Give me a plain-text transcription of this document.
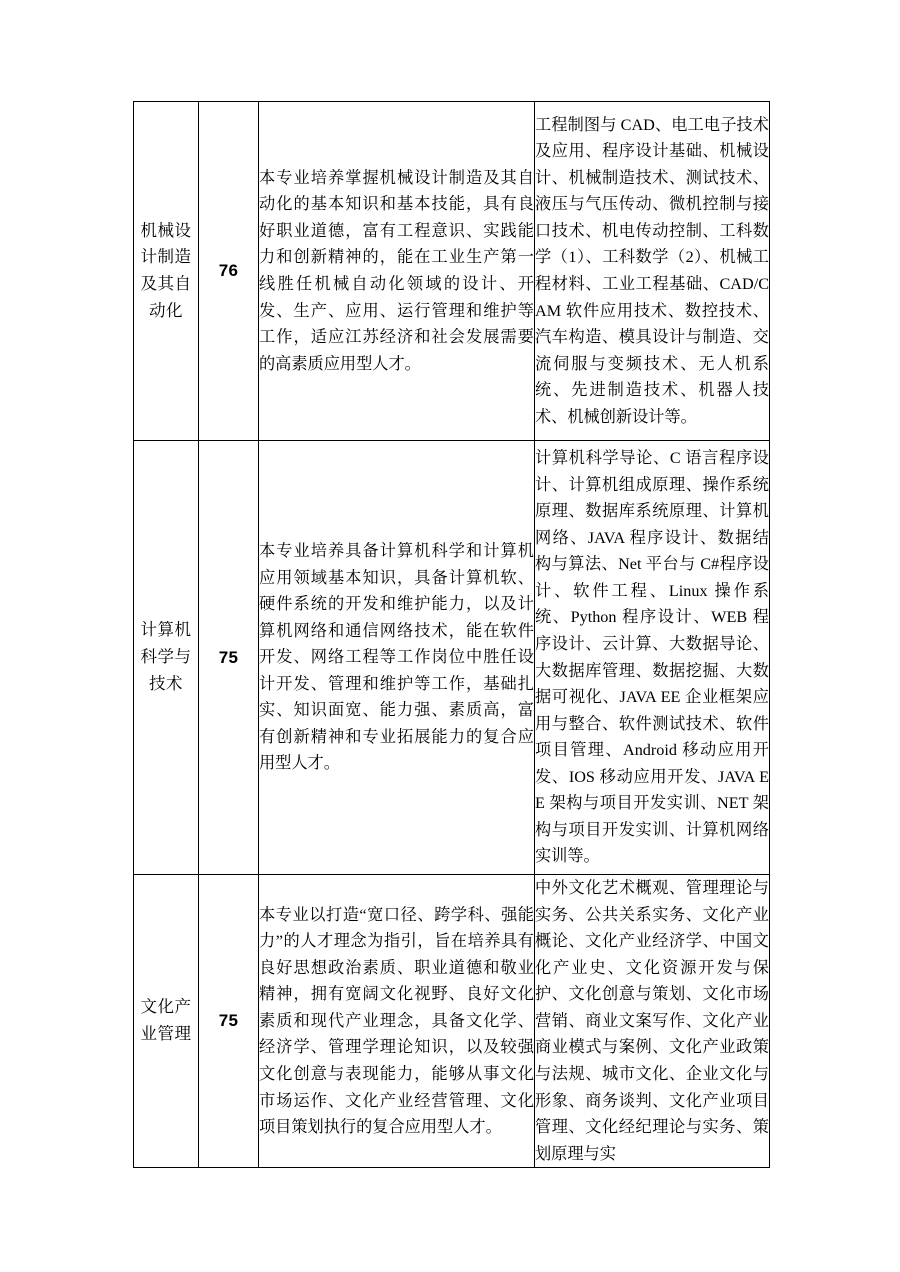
机械设计制造及其自动化	76	本专业培养掌握机械设计制造及其自动化的基本知识和基本技能，具有良好职业道德，富有工程意识、实践能力和创新精神的，能在工业生产第一线胜任机械自动化领域的设计、开发、生产、应用、运行管理和维护等工作，适应江苏经济和社会发展需要的高素质应用型人才。	工程制图与 CAD、电工电子技术及应用、程序设计基础、机械设计、机械制造技术、测试技术、液压与气压传动、微机控制与接口技术、机电传动控制、工科数学（1）、工科数学（2）、机械工程材料、工业工程基础、CAD/CAM 软件应用技术、数控技术、汽车构造、模具设计与制造、交流伺服与变频技术、无人机系统、先进制造技术、机器人技术、机械创新设计等。
计算机科学与技术	75	本专业培养具备计算机科学和计算机应用领域基本知识，具备计算机软、硬件系统的开发和维护能力，以及计算机网络和通信网络技术，能在软件开发、网络工程等工作岗位中胜任设计开发、管理和维护等工作，基础扎实、知识面宽、能力强、素质高，富有创新精神和专业拓展能力的复合应用型人才。	计算机科学导论、C 语言程序设计、计算机组成原理、操作系统原理、数据库系统原理、计算机网络、JAVA 程序设计、数据结构与算法、Net 平台与 C#程序设计、软件工程、Linux 操作系统、Python 程序设计、WEB 程序设计、云计算、大数据导论、大数据库管理、数据挖掘、大数据可视化、JAVA EE 企业框架应用与整合、软件测试技术、软件项目管理、Android 移动应用开发、IOS 移动应用开发、JAVA EE 架构与项目开发实训、NET 架构与项目开发实训、计算机网络实训等。
文化产业管理	75	本专业以打造“宽口径、跨学科、强能力”的人才理念为指引，旨在培养具有良好思想政治素质、职业道德和敬业精神，拥有宽阔文化视野、良好文化素质和现代产业理念，具备文化学、经济学、管理学理论知识，以及较强文化创意与表现能力，能够从事文化市场运作、文化产业经营管理、文化项目策划执行的复合应用型人才。	中外文化艺术概观、管理理论与实务、公共关系实务、文化产业概论、文化产业经济学、中国文化产业史、文化资源开发与保护、文化创意与策划、文化市场营销、商业文案写作、文化产业商业模式与案例、文化产业政策与法规、城市文化、企业文化与形象、商务谈判、文化产业项目管理、文化经纪理论与实务、策划原理与实
